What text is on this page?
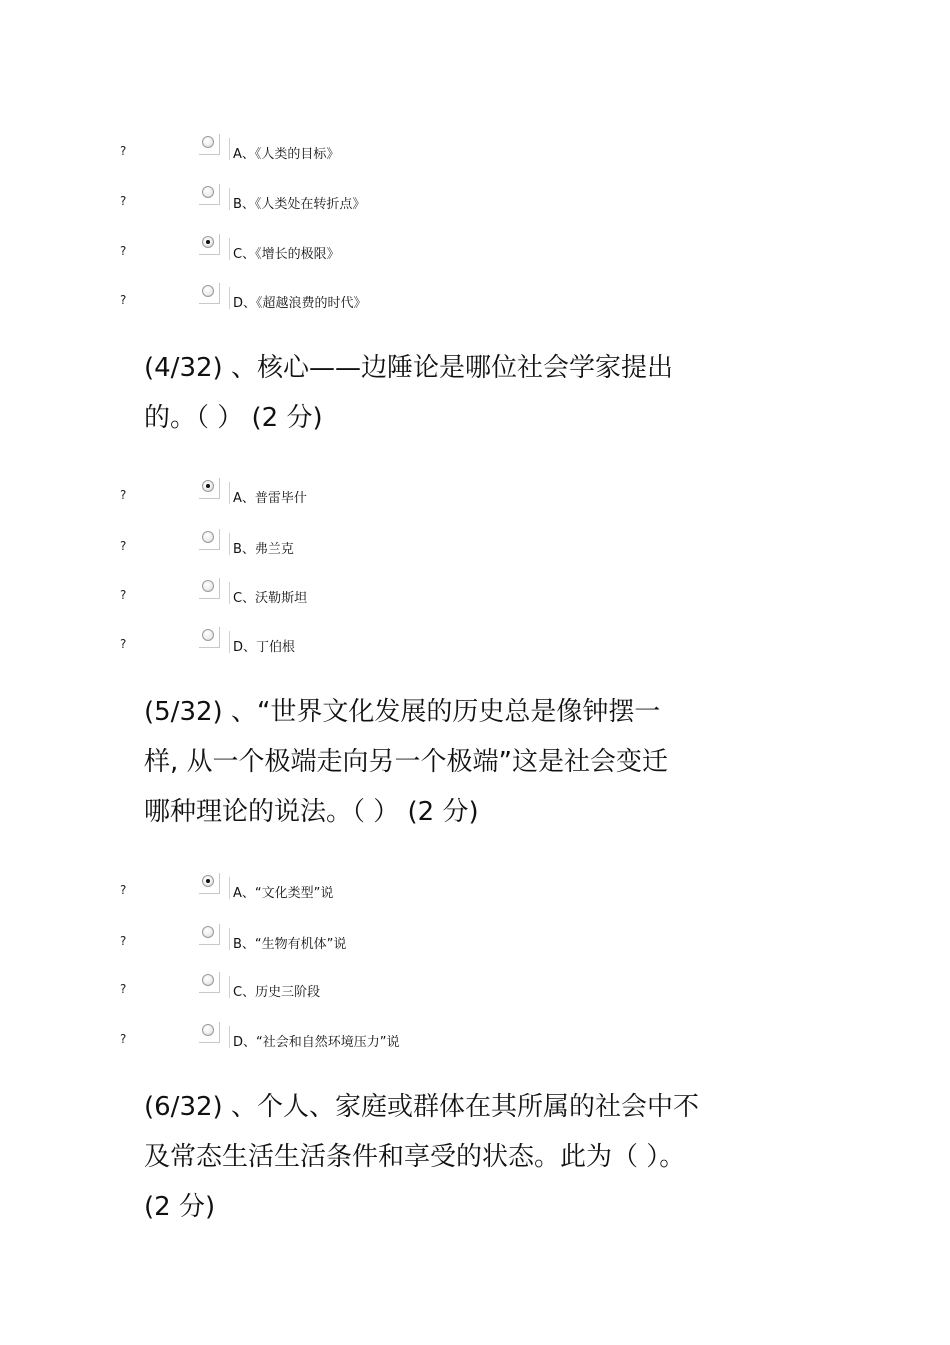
?	A、《人类的目标》
?	B、《人类处在转折点》
?	C、《增长的极限》
?	D、《超越浪费的时代》
(4/32) 、核心——边陲论是哪位社会学家提出
的。（ ） (2 分)
?	A、普雷毕什
?	B、弗兰克
?	C、沃勒斯坦
?	D、丁伯根
(5/32) 、“世界文化发展的历史总是像钟摆一
样, 从一个极端走向另一个极端”这是社会变迁
哪种理论的说法。（ ） (2 分)
?	A、“文化类型”说
?	B、“生物有机体”说
?	C、历史三阶段
?	D、“社会和自然环境压力”说
(6/32) 、个人、家庭或群体在其所属的社会中不
及常态生活生活条件和享受的状态。此为（ ）。
(2 分)
